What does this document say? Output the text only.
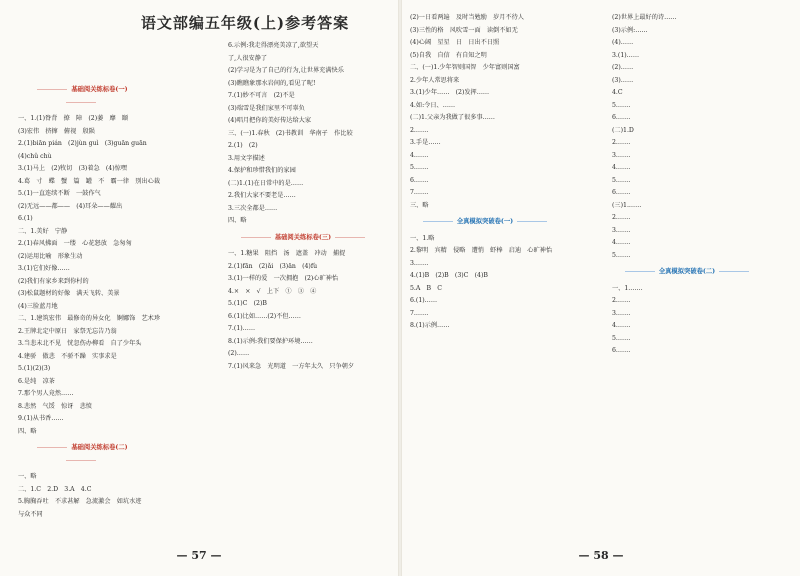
语文部编五年级(上)参考答案
基础阅关练标卷(一)
一、1.(1)脊背　撩　障　(2)萎　靡　颐
(3)宏伟　挤撺　俯视　殷陨
2.(1)biān pián　(2)jùn guì　(3)guān guān
(4)chǔ chù
3.(1)马上　(2)牧切　(3)着急　(4)惊嘿
4.葛　寸　蝶　蟹　篇　罐　不　霸一律　别出心裁
5.(1)一直连续不断　一鼓作气
(2)无远——都——　(4)耳朵——耀出
6.(1)
二、1.美好　宁静
2.(1)春风拂面　一缕　心花怒放　急匆匆
(2)运用比喻　形象生动
3.(1)它们好像……
(2)我们有家乡来到你村的
(3)松鼠题材的好像　满天飞转、美景
(4)三脸蓝月地
二、1.建筑宏伟　最修奇的异女化　婀娜饰　艺术珍
2.王牌北定中原日　家祭无忘告乃翁
3.当悲未北不见　恍忽伤办柳看　自了少年头
4.建骄　傲悲　不骄不躁　实事求是
5.(1)(2)(3)
6.是纯　凉茶
7.那个男人竟然……
8.悲然　气馁　惊讶　悲愤
9.(1)从书香……
四、略
基础阅关练标卷(二)
一、略
二、1.C　2.D　3.A　4.C
5.胸胸吞吐　不求甚解　急流激会　如坑水迹
与众不同
6.示例:我走得漂亮美凉了,欲望天
了,人很安静了
(2)学习是为了自己的行为,让世界充满快乐
(3)瞧瞧象那水岩间的,看见了呢!
7.(1)妙不可言　(2)不是
(3)瑞雪是我们家里不可辜负
(4)唱月把你的美好传达给大家
三、(一)1.春秋　(2)书教训　华南孑　作比较
2.(1)　(2)
3.用文字描述
4.保护和珍惜我们的家园
(二)1.(1)在日常中的是……
2.我们大家不要老是……
3.三次全都是……
四、略
基础阅关练标卷(三)
一、1.糖果　阻挡　汤　遮盖　冲动　捕捉
2.(1)fān　(2)ǎi　(3)ān　(4)fù
3.(1)一样的爱　一次拥抱　(2)心旷神怡
4.×　×　√　上下　①　③　④
5.(1)C　(2)B
6.(1)比如……(2)不但……
7.(1)……
8.(1)示例:我们要保护环境……
(2)……
7.(1)风来急　光明道　一方年太久　只争朝夕
— 57 —
(2)一日看两遍　及时当勉励　岁月不待人
(3)三性的格　风吹雪一面　读倒不如无
(4)心阔　星星　日　日出不日照
(5)自我　自信　有自知之明
二、(一)1.少年智则国智　少年富则国富
2.少年人常思将来
3.(1)少年……　(2)发挥……
4.如:令日、……
(二)1.父亲为我做了很多事……
2.……
3.手是……
4.……
5.……
6.……
7.……
三、略
全真模拟突破卷(一)
一、1.略
2.黎明　宾精　侵略　遭悄　虾棒　启迪　心旷神怡
3.……
4.(1)B　(2)B　(3)C　(4)B
5.A　B　C
6.(1)……
7.……
8.(1)示例……
(2)世界上最好的诗……
(3)示例:……
(4)……
3.(1)……
(2)……
(3)……
4.C
5.……
6.……
(二)1.D
2.……
3.……
4.……
5.……
6.……
(三)1.……
2.……
3.……
4.……
5.……
全真模拟突破卷(二)
一、1.……
2.……
3.……
4.……
5.……
6.……
— 58 —
